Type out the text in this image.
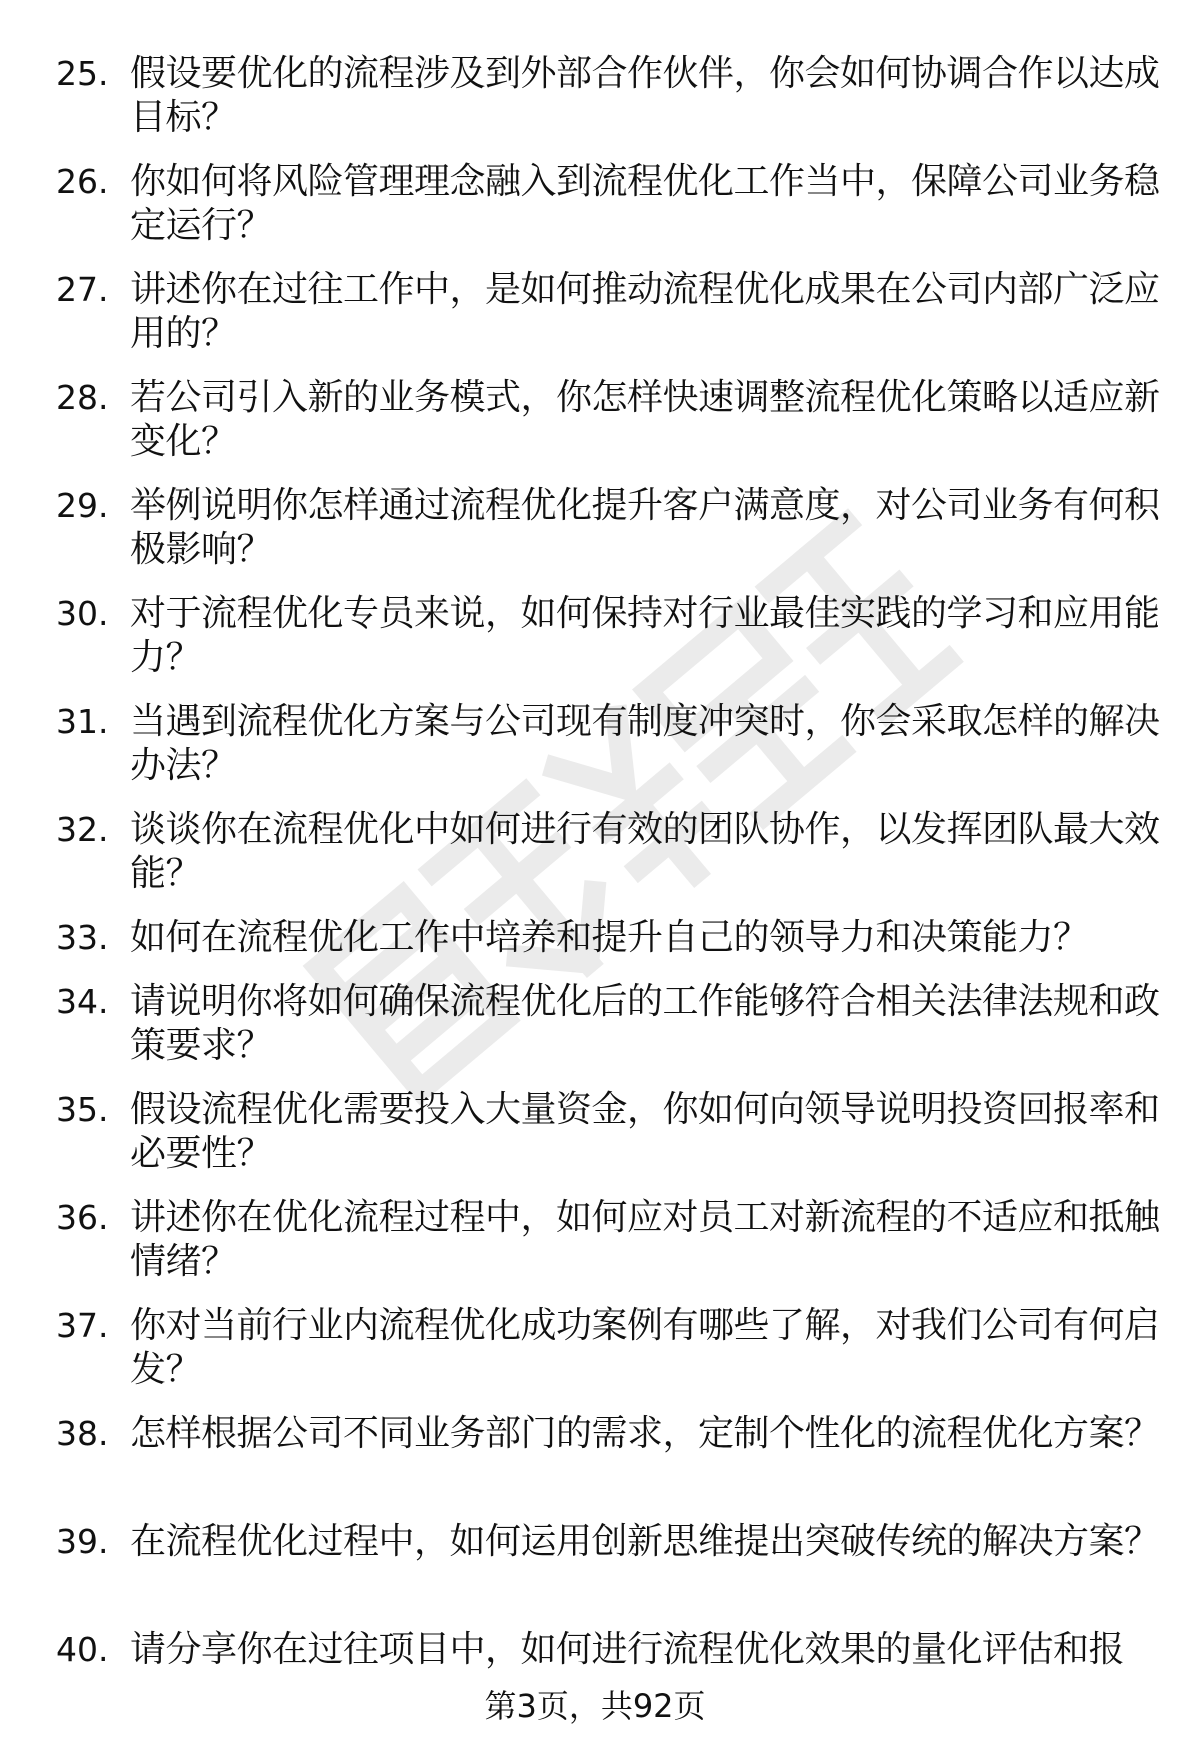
25. 假设要优化的流程涉及到外部合作伙伴，你会如何协调合作以达成目标？
26. 你如何将风险管理理念融入到流程优化工作当中，保障公司业务稳定运行？
27. 讲述你在过往工作中，是如何推动流程优化成果在公司内部广泛应用的？
28. 若公司引入新的业务模式，你怎样快速调整流程优化策略以适应新变化？
29. 举例说明你怎样通过流程优化提升客户满意度，对公司业务有何积极影响？
30. 对于流程优化专员来说，如何保持对行业最佳实践的学习和应用能力？
31. 当遇到流程优化方案与公司现有制度冲突时，你会采取怎样的解决办法？
32. 谈谈你在流程优化中如何进行有效的团队协作，以发挥团队最大效能？
33. 如何在流程优化工作中培养和提升自己的领导力和决策能力？
34. 请说明你将如何确保流程优化后的工作能够符合相关法律法规和政策要求？
35. 假设流程优化需要投入大量资金，你如何向领导说明投资回报率和必要性？
36. 讲述你在优化流程过程中，如何应对员工对新流程的不适应和抵触情绪？
37. 你对当前行业内流程优化成功案例有哪些了解，对我们公司有何启发？
38. 怎样根据公司不同业务部门的需求，定制个性化的流程优化方案？
39. 在流程优化过程中，如何运用创新思维提出突破传统的解决方案？
40. 请分享你在过往项目中，如何进行流程优化效果的量化评估和报
第3页，共92页
